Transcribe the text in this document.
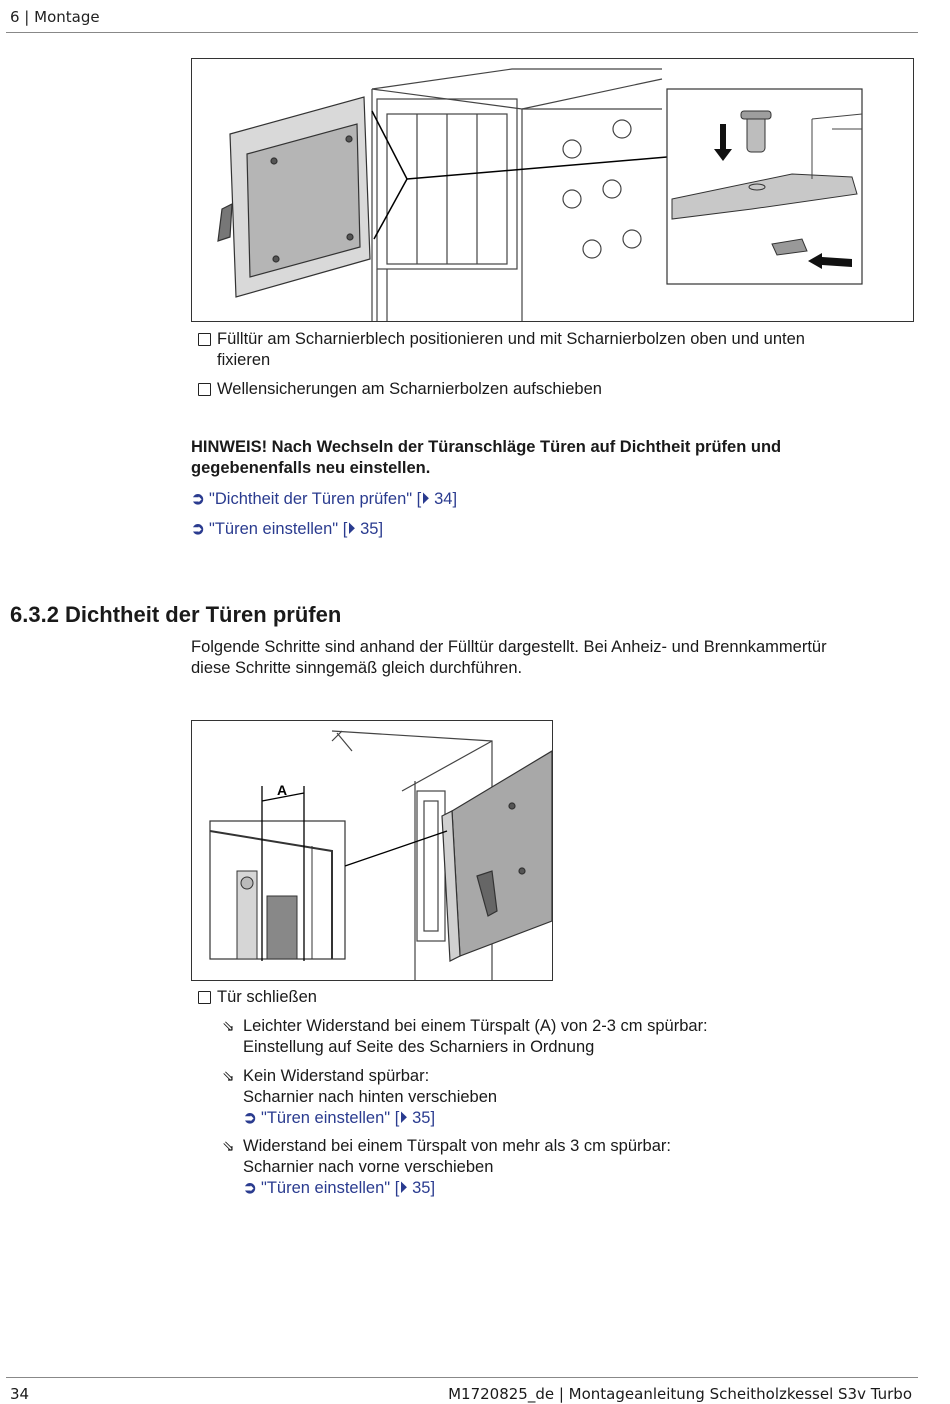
6 | Montage
Fülltür am Scharnierblech positionieren und mit Scharnierbolzen oben und unten
fixieren
Wellensicherungen am Scharnierbolzen aufschieben
HINWEIS! Nach Wechseln der Türanschläge Türen auf Dichtheit prüfen und
gegebenenfalls neu einstellen.
➲ "Dichtheit der Türen prüfen" [⏵ 34]
➲ "Türen einstellen" [⏵ 35]
6.3.2 Dichtheit der Türen prüfen
Folgende Schritte sind anhand der Fülltür dargestellt. Bei Anheiz- und Brennkammertür
diese Schritte sinngemäß gleich durchführen.
A
Tür schließen
⇘ Leichter Widerstand bei einem Türspalt (A) von 2-3 cm spürbar:
Einstellung auf Seite des Scharniers in Ordnung
⇘ Kein Widerstand spürbar:
Scharnier nach hinten verschieben
➲ "Türen einstellen" [⏵ 35]
⇘ Widerstand bei einem Türspalt von mehr als 3 cm spürbar:
Scharnier nach vorne verschieben
➲ "Türen einstellen" [⏵ 35]
34	M1720825_de | Montageanleitung Scheitholzkessel S3v Turbo
